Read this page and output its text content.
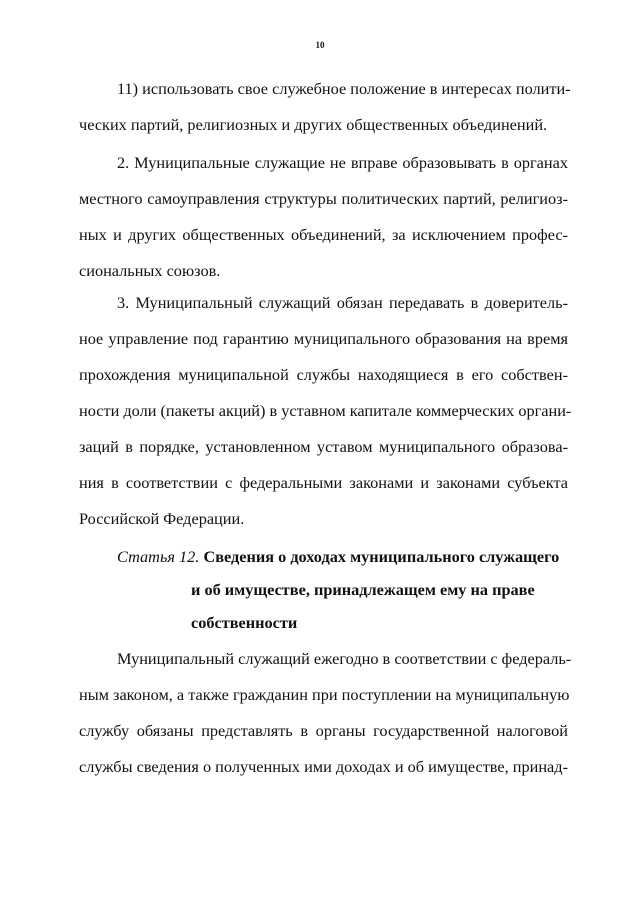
10
11) использовать свое служебное положение в интересах полити-
ческих партий, религиозных и других общественных объединений.
2. Муниципальные служащие не вправе образовывать в органах
местного самоуправления структуры политических партий, религиоз-
ных и других общественных объединений, за исключением профес-
сиональных союзов.
3. Муниципальный служащий обязан передавать в доверитель-
ное управление под гарантию муниципального образования на время
прохождения муниципальной службы находящиеся в его собствен-
ности доли (пакеты акций) в уставном капитале коммерческих органи-
заций в порядке, установленном уставом муниципального образова-
ния в соответствии с федеральными законами и законами субъекта
Российской Федерации.
Статья 12. Сведения о доходах муниципального служащего
и об имуществе, принадлежащем ему на праве
собственности
Муниципальный служащий ежегодно в соответствии с федераль-
ным законом, а также гражданин при поступлении на муниципальную
службу обязаны представлять в органы государственной налоговой
службы сведения о полученных ими доходах и об имуществе, принад-
